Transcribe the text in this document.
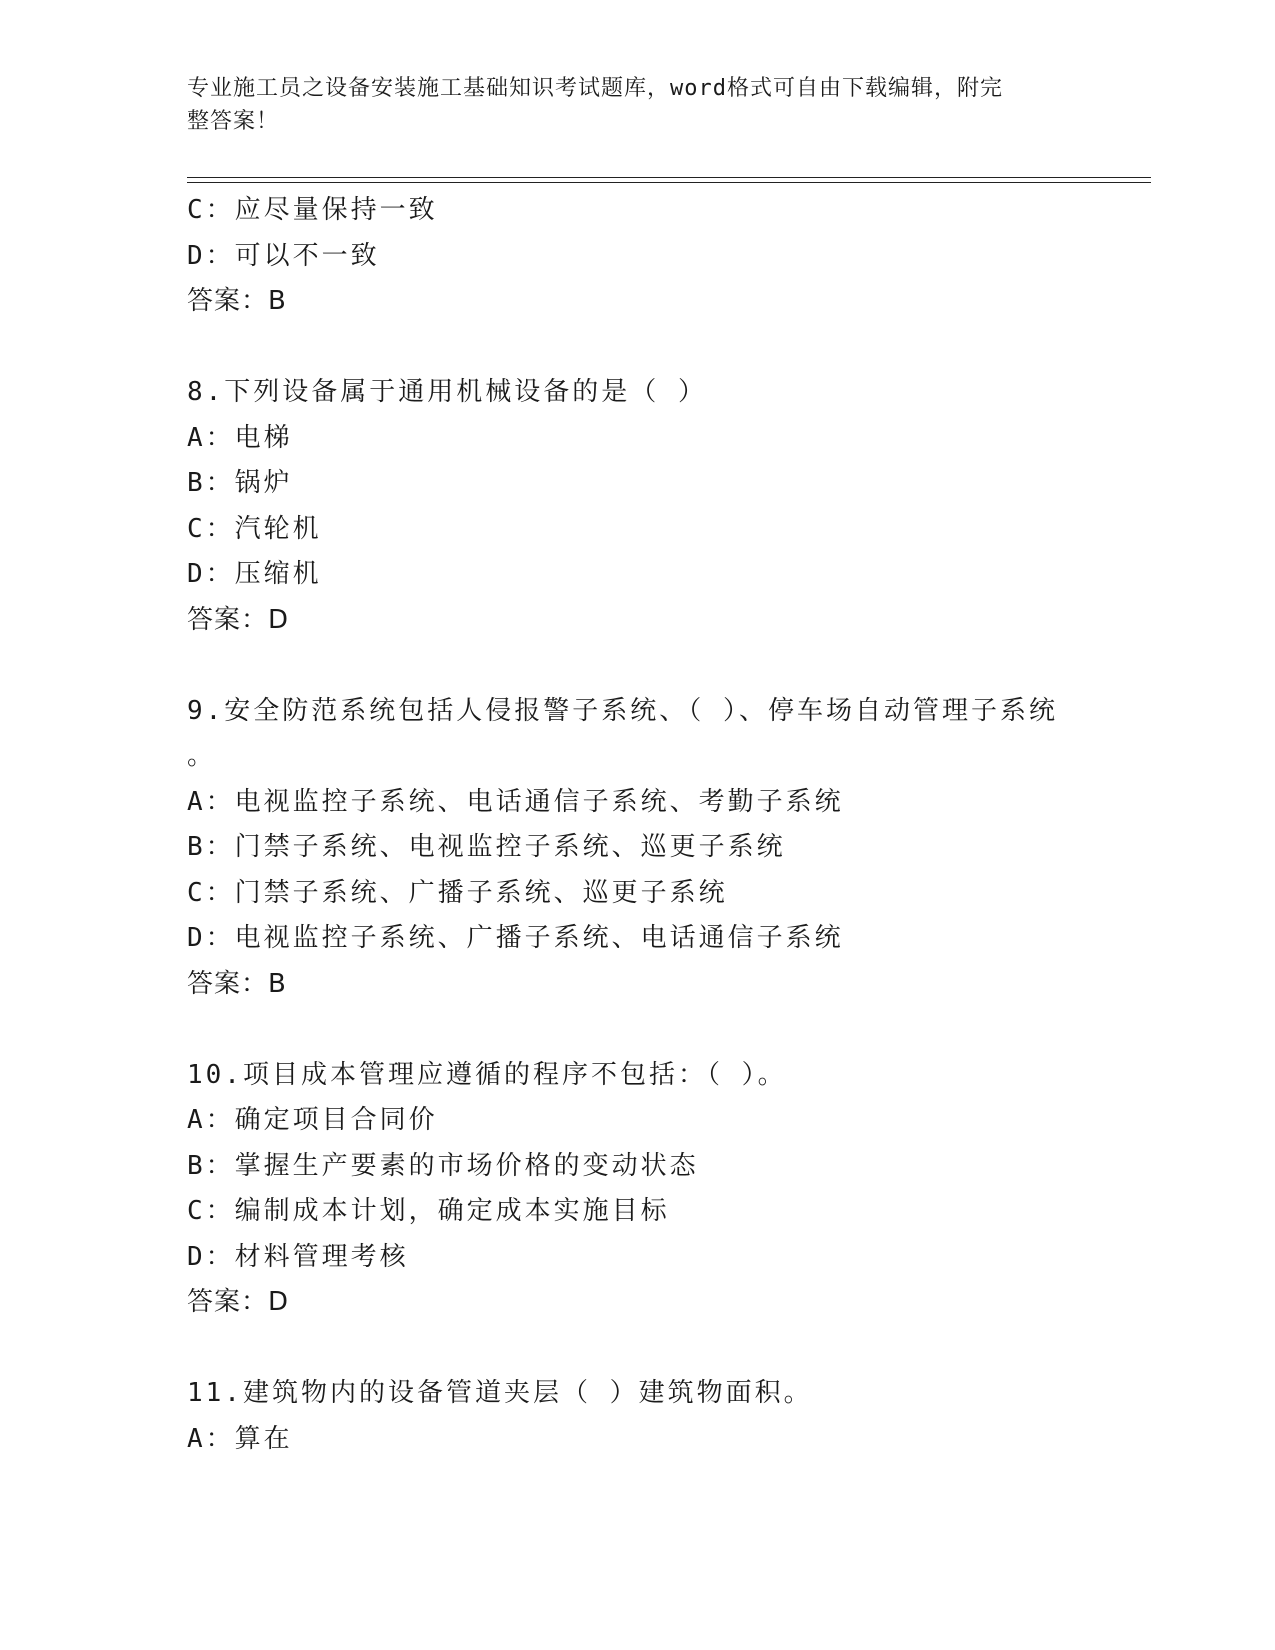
专业施工员之设备安装施工基础知识考试题库，word格式可自由下载编辑，附完
整答案！
C：应尽量保持一致
D：可以不一致
答案：B
8.下列设备属于通用机械设备的是（ ）
A：电梯
B：锅炉
C：汽轮机
D：压缩机
答案：D
9.安全防范系统包括人侵报警子系统、（ ）、停车场自动管理子系统
。
A：电视监控子系统、电话通信子系统、考勤子系统
B：门禁子系统、电视监控子系统、巡更子系统
C：门禁子系统、广播子系统、巡更子系统
D：电视监控子系统、广播子系统、电话通信子系统
答案：B
10.项目成本管理应遵循的程序不包括：（ ）。
A：确定项目合同价
B：掌握生产要素的市场价格的变动状态
C：编制成本计划，确定成本实施目标
D：材料管理考核
答案：D
11.建筑物内的设备管道夹层（ ）建筑物面积。
A：算在
